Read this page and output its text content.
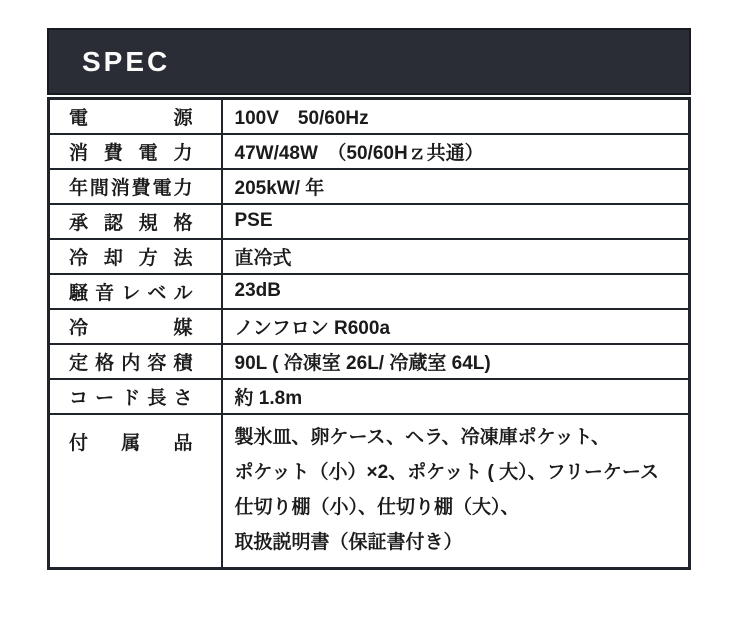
SPEC
電 源	100V　50/60Hz

消 費 電 力	47W/48W　（50/60Hｚ共通）

年 間 消 費 電 力	205kW/ 年

承 認 規 格	PSE

冷 却 方 法	直冷式

騒 音 レ ベ ル	23dB

冷 媒	ノンフロン R600a

定 格 内 容 積	90L ( 冷凍室 26L/ 冷蔵室 64L)

コ ー ド 長 さ	約 1.8m

付 属 品	製氷皿、卵ケース、ヘラ、冷凍庫ポケット、
ポケット（小）×2、ポケット ( 大）、フリーケース
仕切り棚（小）、仕切り棚（大）、
取扱説明書（保証書付き）
